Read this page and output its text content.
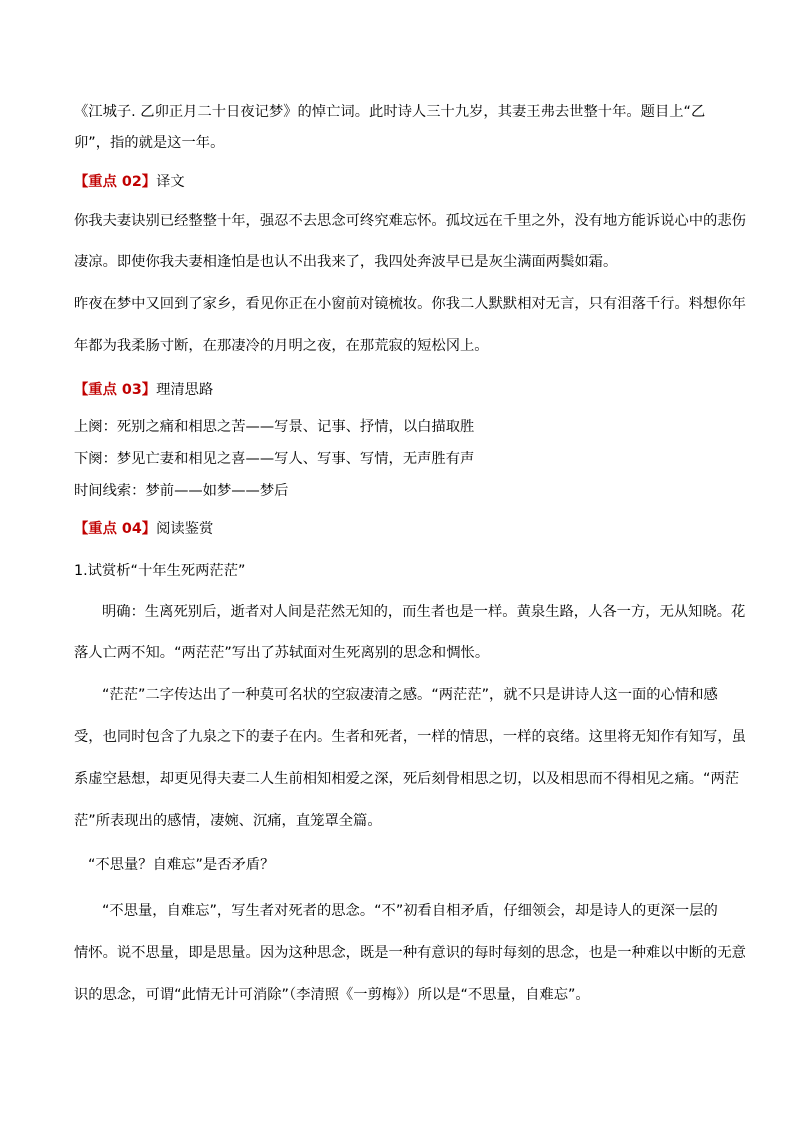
《江城子. 乙卯正月二十日夜记梦》的悼亡词。此时诗人三十九岁，其妻王弗去世整十年。题目上“乙

卯”，指的就是这一年。

【重点 02】译文

你我夫妻诀别已经整整十年，强忍不去思念可终究难忘怀。孤坟远在千里之外，没有地方能诉说心中的悲伤

凄凉。即使你我夫妻相逢怕是也认不出我来了，我四处奔波早已是灰尘满面两鬓如霜。

昨夜在梦中又回到了家乡，看见你正在小窗前对镜梳妆。你我二人默默相对无言，只有泪落千行。料想你年

年都为我柔肠寸断，在那凄冷的月明之夜，在那荒寂的短松冈上。

【重点 03】理清思路

上阕：死别之痛和相思之苦——写景、记事、抒情，以白描取胜

下阕：梦见亡妻和相见之喜——写人、写事、写情，无声胜有声

时间线索：梦前——如梦——梦后

【重点 04】阅读鉴赏

1.试赏析“十年生死两茫茫”

明确：生离死别后，逝者对人间是茫然无知的，而生者也是一样。黄泉生路，人各一方，无从知晓。花

落人亡两不知。“两茫茫”写出了苏轼面对生死离别的思念和惆怅。

“茫茫”二字传达出了一种莫可名状的空寂凄清之感。“两茫茫”，就不只是讲诗人这一面的心情和感

受，也同时包含了九泉之下的妻子在内。生者和死者，一样的情思，一样的哀绪。这里将无知作有知写，虽

系虚空悬想，却更见得夫妻二人生前相知相爱之深，死后刻骨相思之切，以及相思而不得相见之痛。“两茫

茫”所表现出的感情，凄婉、沉痛，直笼罩全篇。

“不思量？自难忘”是否矛盾？

“不思量，自难忘”，写生者对死者的思念。“不”初看自相矛盾，仔细领会，却是诗人的更深一层的

情怀。说不思量，即是思量。因为这种思念，既是一种有意识的每时每刻的思念，也是一种难以中断的无意

识的思念，可谓“此情无计可消除”（李清照《一剪梅》）所以是“不思量，自难忘”。
